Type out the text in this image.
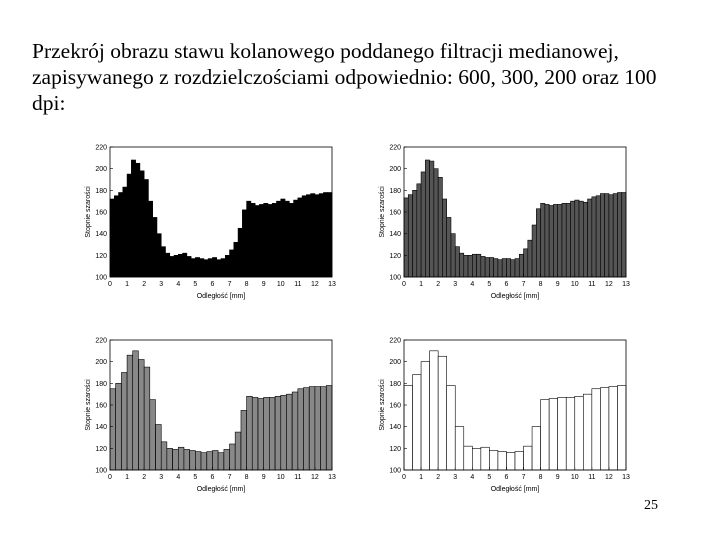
Przekrój obrazu stawu kolanowego poddanego filtracji medianowej, zapisywanego z rozdzielczościami odpowiednio: 600, 300, 200 oraz 100 dpi:

0 1 2 3 4 5 6 7 8 9 10 11 12 13
100
120
140
160
180
200
220
Odległość [mm]
Stopnie szarości
0 1 2 3 4 5 6 7 8 9 10 11 12 13
100
120
140
160
180
200
220
Odległość [mm]
Stopnie szarości
0 1 2 3 4 5 6 7 8 9 10 11 12 13
100
120
140
160
180
200
220
Odległość [mm]
Stopnie szarości
0 1 2 3 4 5 6 7 8 9 10 11 12 13
100
120
140
160
180
200
220
Odległość [mm]
Stopnie szarości
25
